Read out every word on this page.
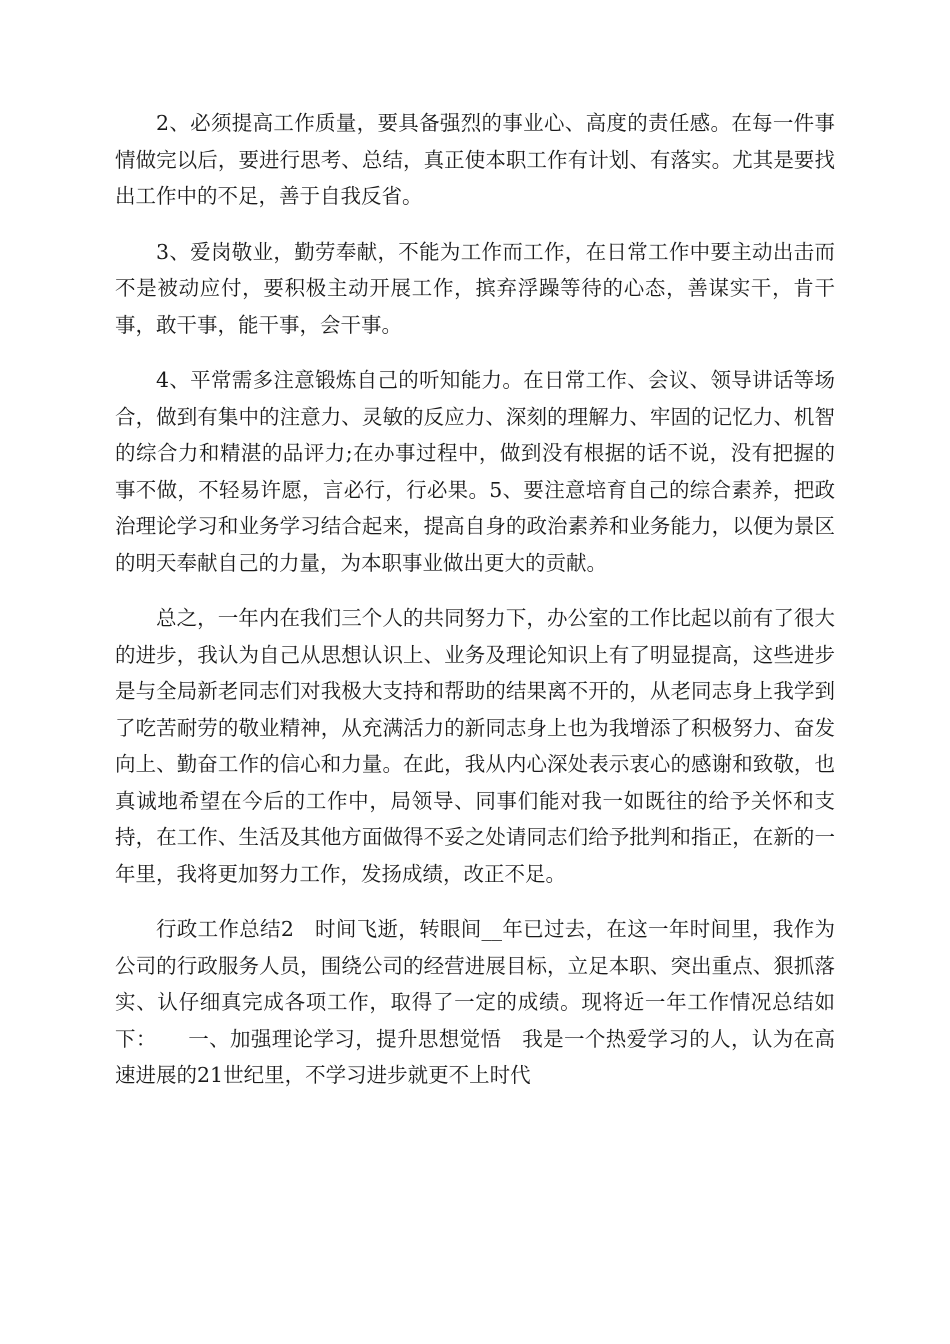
2、必须提高工作质量，要具备强烈的事业心、高度的责任感。在每一件事情做完以后，要进行思考、总结，真正使本职工作有计划、有落实。尤其是要找出工作中的不足，善于自我反省。

3、爱岗敬业，勤劳奉献，不能为工作而工作，在日常工作中要主动出击而不是被动应付，要积极主动开展工作，摈弃浮躁等待的心态，善谋实干，肯干事，敢干事，能干事，会干事。

4、平常需多注意锻炼自己的听知能力。在日常工作、会议、领导讲话等场合，做到有集中的注意力、灵敏的反应力、深刻的理解力、牢固的记忆力、机智的综合力和精湛的品评力;在办事过程中，做到没有根据的话不说，没有把握的事不做，不轻易许愿，言必行，行必果。5、要注意培育自己的综合素养，把政治理论学习和业务学习结合起来，提高自身的政治素养和业务能力，以便为景区的明天奉献自己的力量，为本职事业做出更大的贡献。

总之，一年内在我们三个人的共同努力下，办公室的工作比起以前有了很大的进步，我认为自己从思想认识上、业务及理论知识上有了明显提高，这些进步是与全局新老同志们对我极大支持和帮助的结果离不开的，从老同志身上我学到了吃苦耐劳的敬业精神，从充满活力的新同志身上也为我增添了积极努力、奋发向上、勤奋工作的信心和力量。在此，我从内心深处表示衷心的感谢和致敬，也真诚地希望在今后的工作中，局领导、同事们能对我一如既往的给予关怀和支持，在工作、生活及其他方面做得不妥之处请同志们给予批判和指正，在新的一年里，我将更加努力工作，发扬成绩，改正不足。

行政工作总结2　时间飞逝，转眼间__年已过去，在这一年时间里，我作为公司的行政服务人员，围绕公司的经营进展目标，立足本职、突出重点、狠抓落实、认仔细真完成各项工作，取得了一定的成绩。现将近一年工作情况总结如下：　　一、加强理论学习，提升思想觉悟　我是一个热爱学习的人，认为在高速进展的21世纪里，不学习进步就更不上时代
